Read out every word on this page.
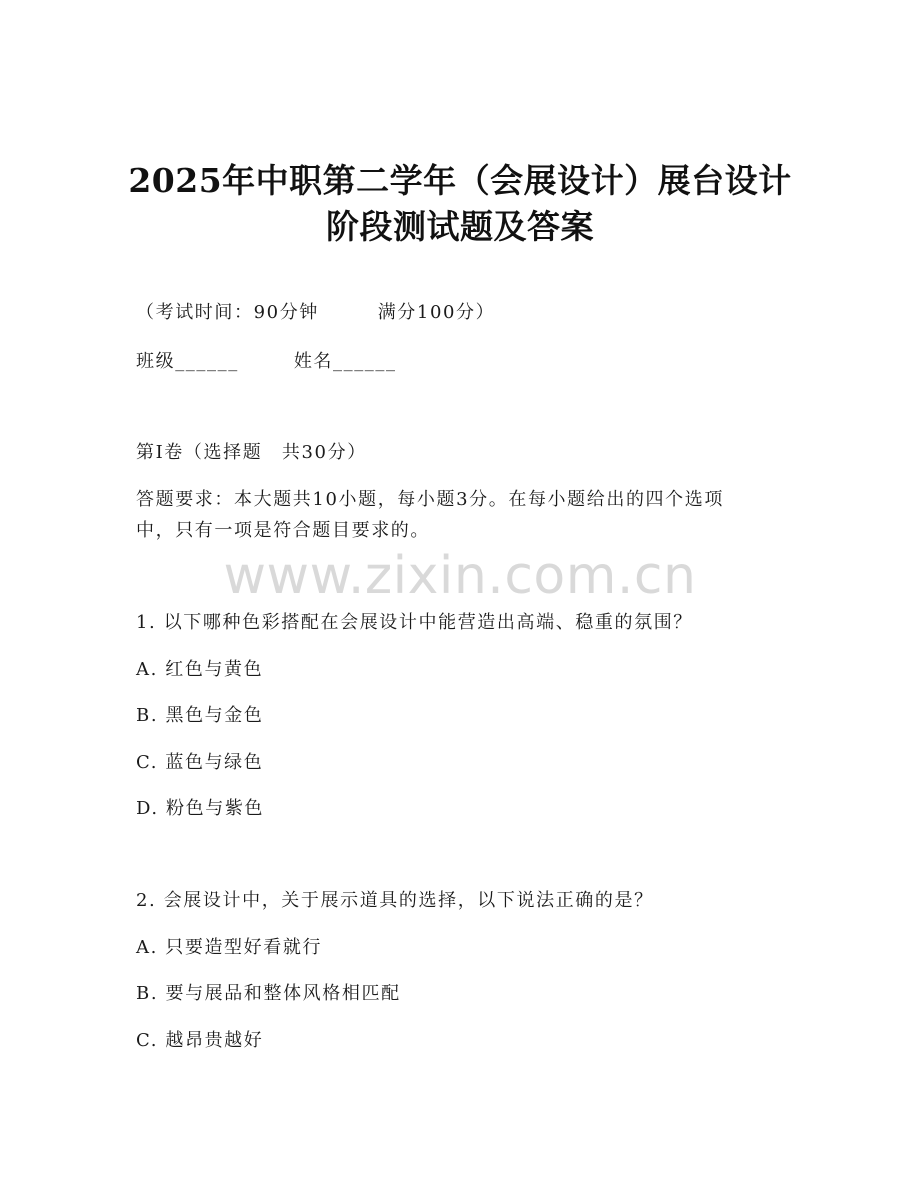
2025年中职第二学年（会展设计）展台设计
阶段测试题及答案
（考试时间：90分钟　　　满分100分）
班级______	姓名______
第Ⅰ卷（选择题　共30分）
答题要求：本大题共10小题，每小题3分。在每小题给出的四个选项
中，只有一项是符合题目要求的。
www.zixin.com.cn
1. 以下哪种色彩搭配在会展设计中能营造出高端、稳重的氛围？
A. 红色与黄色
B. 黑色与金色
C. 蓝色与绿色
D. 粉色与紫色
2. 会展设计中，关于展示道具的选择，以下说法正确的是？
A. 只要造型好看就行
B. 要与展品和整体风格相匹配
C. 越昂贵越好
